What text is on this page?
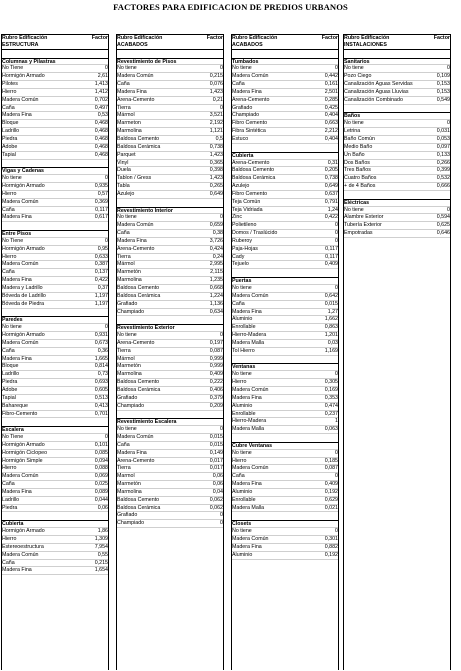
FACTORES PARA EDIFICACION DE PREDIOS URBANOS
Rubro Edificación	Factor
ESTRUCTURA
Columnas y Pilastras
No Tiene	0
Hormigón Armado	2,61
Pilotes	1,413
Hierro	1,412
Madera Común	0,702
Caña	0,497
Madera Fina	0,53
Bloque	0,468
Ladrillo	0,468
Piedra	0,468
Adobe	0,468
Tapial	0,468
Vigas y Cadenas
No tiene	0
Hormigón Armado	0,935
Hierro	0,57
Madera Común	0,369
Caña	0,117
Madera Fina	0,617
Entre Pisos
No Tiene	0
Hormigón Armado	0,95
Hierro	0,633
Madera Común	0,387
Caña	0,137
Madera Fina	0,422
Madera y Ladrillo	0,37
Bóveda de Ladrillo	1,197
Bóveda de Piedra	1,197
Paredes
No tiene	0
Hormigón Armado	0,931
Madera Común	0,673
Caña	0,36
Madera Fina	1,665
Bloque	0,814
Ladrillo	0,73
Piedra	0,693
Adobe	0,605
Tapial	0,513
Bahareque	0,413
Fibro-Cemento	0,701
Escalera
No Tiene	0
Hormigón Armado	0,101
Hormigón Ciclopeo	0,085
Hormigón Simple	0,094
Hierro	0,088
Madera Común	0,069
Caña	0,025
Madera Fina	0,089
Ladrillo	0,044
Piedra	0,06
Cubierta
Hormigón Armado	1,86
Hierro	1,309
Estereoestructura	7,954
Madera Común	0,55
Caña	0,215
Madera Fina	1,654
Rubro Edificación	Factor
ACABADOS
Revestimiento de Pisos
No tiene	0
Madera Común	0,215
Caña	0,076
Madera Fina	1,423
Arena-Cemento	0,21
Tierra	0
Mármol	3,521
Marmeton	2,192
Marmolina	1,121
Baldosa Cemento	0,5
Baldosa Cerámica	0,738
Parquet	1,423
Vinyl	0,365
Duela	0,398
Tablon / Gress	1,423
Tabla	0,265
Azulejo	0,649
Revestimiento Interior
No tiene	0
Madera Común	0,659
Caña	0,38
Madera Fina	3,726
Arena-Cemento	0,424
Tierra	0,24
Mármol	2,995
Marmetón	2,115
Marmolina	1,235
Baldosa Cemento	0,668
Baldosa Cerámica	1,224
Grafiado	1,136
Champiado	0,634
Revestimiento Exterior
No tiene	0
Arena-Cemento	0,197
Tierra	0,087
Mármol	0,999
Marmetón	0,999
Marmolina	0,409
Baldosa Cemento	0,222
Baldosa Cerámica	0,406
Grafiado	0,379
Champiado	0,209
Revestimiento Escalera
No tiene	0
Madera Común	0,015
Caña	0,015
Madera Fina	0,149
Arena-Cemento	0,017
Tierra	0,017
Marmol	0,06
Marmetón	0,06
Marmolina	0,04
Baldosa Cemento	0,062
Baldosa Cerámica	0,062
Grafiado	0
Champiado	0
Rubro Edificación	Factor
ACABADOS
Tumbados
No tiene	0
Madera Común	0,442
Caña	0,161
Madera Fina	2,501
Arena-Cemento	0,285
Grafiado	0,425
Champiado	0,404
Fibro Cemento	0,663
Fibra Sintética	2,212
Estuco	0,404
Cubierta
Arena-Cemento	0,31
Baldosa Cemento	0,205
Baldosa Cerámica	0,738
Azulejo	0,649
Fibro Cemento	0,637
Teja Común	0,791
Teja Vidriada	1,24
Zinc	0,422
Polietileno	0
Domos / Traslúcido	0
Ruberoy	0
Paja-Hojas	0,117
Cady	0,117
Tejuelo	0,409
Puertas
No tiene	0
Madera Común	0,642
Caña	0,015
Madera Fina	1,27
Aluminio	1,662
Enrollable	0,863
Hierro-Madera	1,201
Madera Malla	0,03
Tol Hierro	1,169
Ventanas
No tiene	0
Hierro	0,305
Madera Común	0,169
Madera Fina	0,353
Aluminio	0,474
Enrollable	0,237
Hierro-Madera	1
Madera Malla	0,063
Cubre Ventanas
No tiene	0
Hierro	0,185
Madera Común	0,087
Caña	0
Madera Fina	0,409
Aluminio	0,192
Enrollable	0,629
Madera Malla	0,021
Closets
No tiene	0
Madera Común	0,301
Madera Fina	0,882
Aluminio	0,192
Rubro Edificación	Factor
INSTALACIONES
Sanitarios
No tiene	0
Pozo Ciego	0,109
Canalización Aguas Servidas	0,153
Canalización Aguas Lluvias	0,153
Canalización Combinado	0,549
Baños
No tiene	0
Letrina	0,031
Baño Común	0,053
Medio Baño	0,097
Un Baño	0,133
Dos Baños	0,266
Tres Baños	0,399
Cuatro Baños	0,532
+ de 4 Baños	0,666
Eléctricas
No tiene	0
Alambre Exterior	0,594
Tubería Exterior	0,625
Empotradas	0,646
